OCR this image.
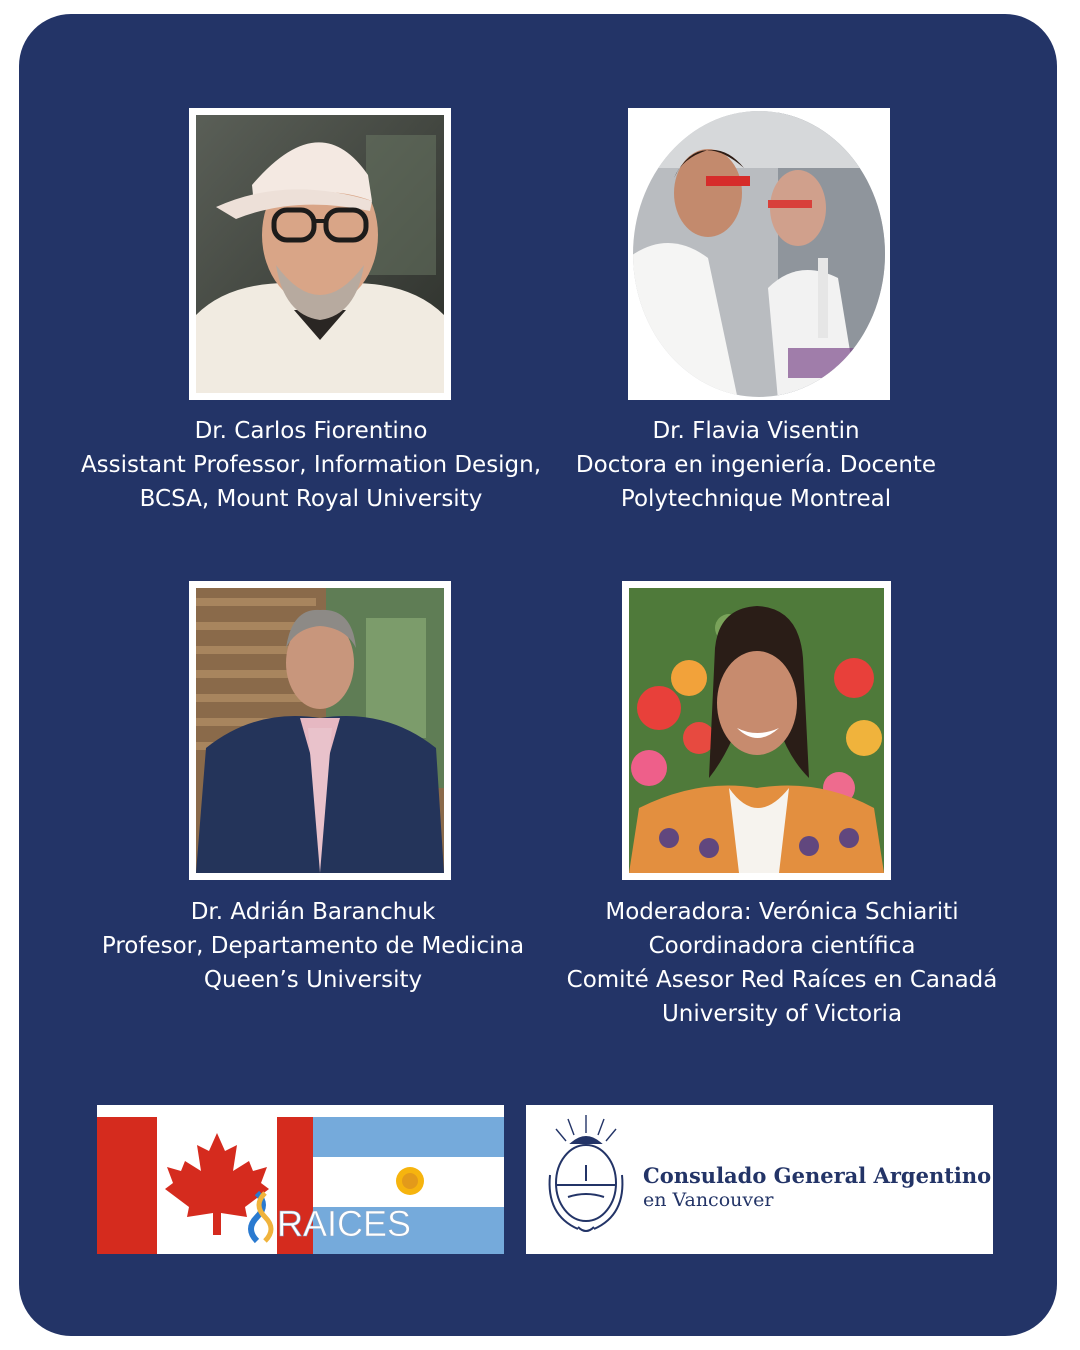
Dr. Carlos Fiorentino
Assistant Professor, Information Design,
BCSA, Mount Royal University
Dr. Flavia Visentin
Doctora en ingeniería. Docente
Polytechnique Montreal
Dr. Adrián Baranchuk
Profesor, Departamento de Medicina
Queen’s University
Moderadora: Verónica Schiariti
Coordinadora científica
Comité Asesor Red Raíces en Canadá
University of Victoria
RAICES
Consulado General Argentino
en Vancouver
